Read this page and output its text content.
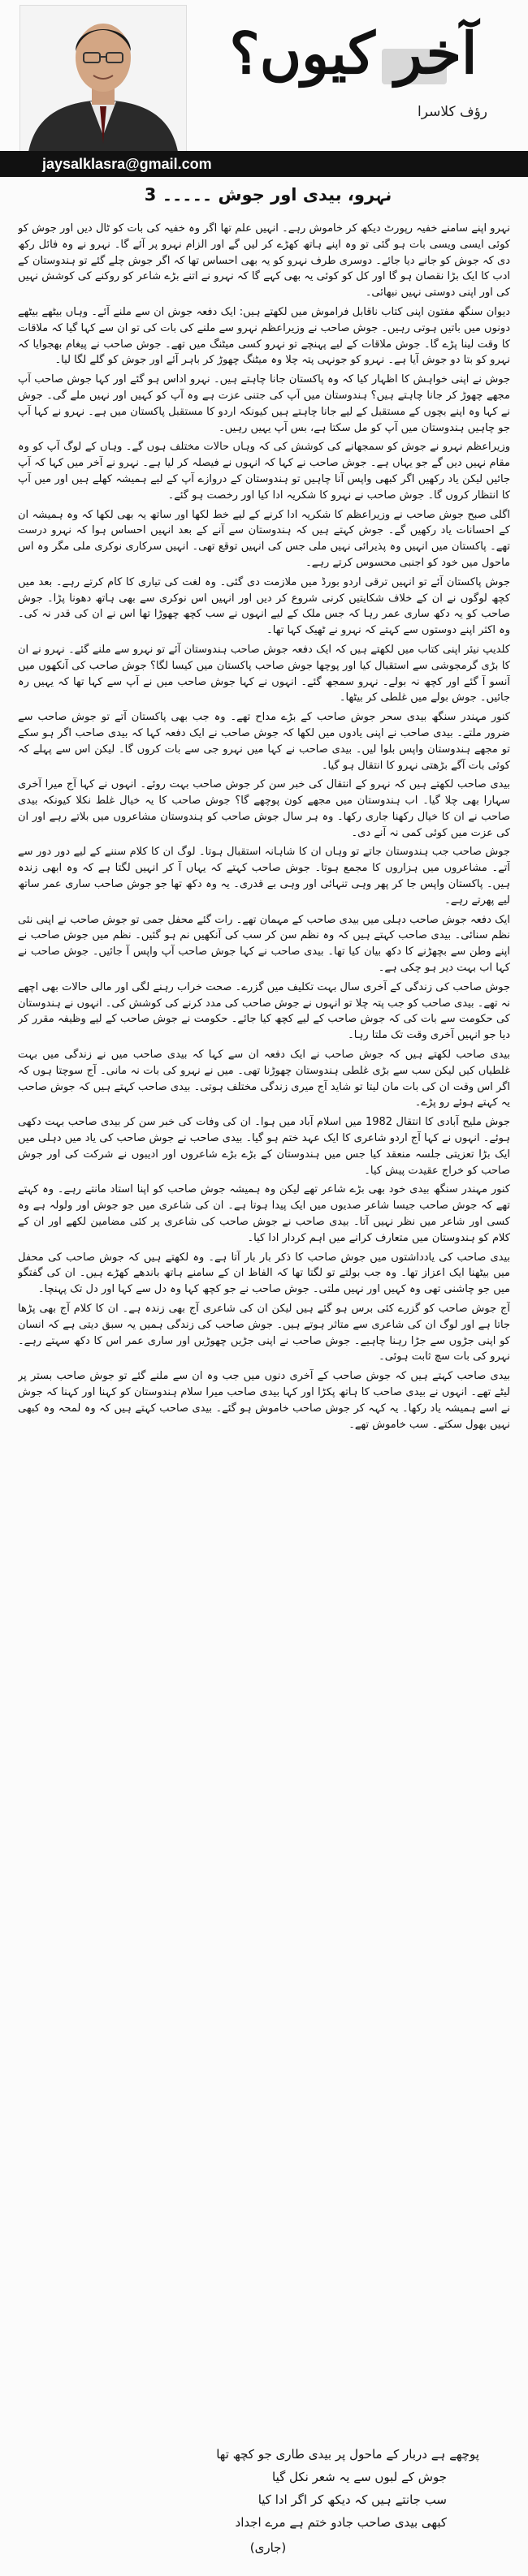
آخر کیوں؟
رؤف کلاسرا
jaysalklasra@gmail.com
نہرو، بیدی اور جوش ۔۔۔۔۔ 3

نہرو اپنے سامنے خفیہ رپورٹ دیکھ کر خاموش رہے۔ انہیں علم تھا اگر وہ خفیہ کی بات کو ٹال دیں اور جوش کو کوئی ایسی ویسی بات ہو گئی تو وہ اپنے ہاتھ کھڑے کر لیں گے اور الزام نہرو پر آئے گا۔ نہرو نے وہ فائل رکھ دی کہ جوش کو جانے دیا جائے۔ دوسری طرف نہرو کو یہ بھی احساس تھا کہ اگر جوش چلے گئے تو ہندوستان کے ادب کا ایک بڑا نقصان ہو گا اور کل کو کوئی یہ بھی کہے گا کہ نہرو نے اتنے بڑے شاعر کو روکنے کی کوشش نہیں کی اور اپنی دوستی نہیں نبھائی۔

دیوان سنگھ مفتون اپنی کتاب ناقابل فراموش میں لکھتے ہیں: ایک دفعہ جوش ان سے ملنے آئے۔ وہاں بیٹھے بیٹھے دونوں میں باتیں ہوتی رہیں۔ جوش صاحب نے وزیراعظم نہرو سے ملنے کی بات کی تو ان سے کہا گیا کہ ملاقات کا وقت لینا پڑے گا۔ جوش ملاقات کے لیے پہنچے تو نہرو کسی میٹنگ میں تھے۔ جوش صاحب نے پیغام بھجوایا کہ نہرو کو بتا دو جوش آیا ہے۔ نہرو کو جونہی پتہ چلا وہ میٹنگ چھوڑ کر باہر آئے اور جوش کو گلے لگا لیا۔

جوش نے اپنی خواہش کا اظہار کیا کہ وہ پاکستان جانا چاہتے ہیں۔ نہرو اداس ہو گئے اور کہا جوش صاحب آپ مجھے چھوڑ کر جانا چاہتے ہیں؟ ہندوستان میں آپ کی جتنی عزت ہے وہ آپ کو کہیں اور نہیں ملے گی۔ جوش نے کہا وہ اپنے بچوں کے مستقبل کے لیے جانا چاہتے ہیں کیونکہ اردو کا مستقبل پاکستان میں ہے۔ نہرو نے کہا آپ جو چاہیں ہندوستان میں آپ کو مل سکتا ہے، بس آپ یہیں رہیں۔

وزیراعظم نہرو نے جوش کو سمجھانے کی کوشش کی کہ وہاں حالات مختلف ہوں گے۔ وہاں کے لوگ آپ کو وہ مقام نہیں دیں گے جو یہاں ہے۔ جوش صاحب نے کہا کہ انہوں نے فیصلہ کر لیا ہے۔ نہرو نے آخر میں کہا کہ آپ جائیں لیکن یاد رکھیں اگر کبھی واپس آنا چاہیں تو ہندوستان کے دروازے آپ کے لیے ہمیشہ کھلے ہیں اور میں آپ کا انتظار کروں گا۔ جوش صاحب نے نہرو کا شکریہ ادا کیا اور رخصت ہو گئے۔

اگلی صبح جوش صاحب نے وزیراعظم کا شکریہ ادا کرنے کے لیے خط لکھا اور ساتھ یہ بھی لکھا کہ وہ ہمیشہ ان کے احسانات یاد رکھیں گے۔ جوش کہتے ہیں کہ ہندوستان سے آنے کے بعد انہیں احساس ہوا کہ نہرو درست تھے۔ پاکستان میں انہیں وہ پذیرائی نہیں ملی جس کی انہیں توقع تھی۔ انہیں سرکاری نوکری ملی مگر وہ اس ماحول میں خود کو اجنبی محسوس کرتے رہے۔

جوش پاکستان آئے تو انہیں ترقی اردو بورڈ میں ملازمت دی گئی۔ وہ لغت کی تیاری کا کام کرتے رہے۔ بعد میں کچھ لوگوں نے ان کے خلاف شکایتیں کرنی شروع کر دیں اور انہیں اس نوکری سے بھی ہاتھ دھونا پڑا۔ جوش صاحب کو یہ دکھ ساری عمر رہا کہ جس ملک کے لیے انہوں نے سب کچھ چھوڑا تھا اس نے ان کی قدر نہ کی۔ وہ اکثر اپنے دوستوں سے کہتے کہ نہرو نے ٹھیک کہا تھا۔

کلدیپ نیئر اپنی کتاب میں لکھتے ہیں کہ ایک دفعہ جوش صاحب ہندوستان آئے تو نہرو سے ملنے گئے۔ نہرو نے ان کا بڑی گرمجوشی سے استقبال کیا اور پوچھا جوش صاحب پاکستان میں کیسا لگا؟ جوش صاحب کی آنکھوں میں آنسو آ گئے اور کچھ نہ بولے۔ نہرو سمجھ گئے۔ انہوں نے کہا جوش صاحب میں نے آپ سے کہا تھا کہ یہیں رہ جائیں۔ جوش بولے میں غلطی کر بیٹھا۔

کنور مہندر سنگھ بیدی سحر جوش صاحب کے بڑے مداح تھے۔ وہ جب بھی پاکستان آتے تو جوش صاحب سے ضرور ملتے۔ بیدی صاحب نے اپنی یادوں میں لکھا کہ جوش صاحب نے ایک دفعہ کہا کہ بیدی صاحب اگر ہو سکے تو مجھے ہندوستان واپس بلوا لیں۔ بیدی صاحب نے کہا میں نہرو جی سے بات کروں گا۔ لیکن اس سے پہلے کہ کوئی بات آگے بڑھتی نہرو کا انتقال ہو گیا۔

بیدی صاحب لکھتے ہیں کہ نہرو کے انتقال کی خبر سن کر جوش صاحب بہت روئے۔ انہوں نے کہا آج میرا آخری سہارا بھی چلا گیا۔ اب ہندوستان میں مجھے کون پوچھے گا؟ جوش صاحب کا یہ خیال غلط نکلا کیونکہ بیدی صاحب نے ان کا خیال رکھنا جاری رکھا۔ وہ ہر سال جوش صاحب کو ہندوستان مشاعروں میں بلاتے رہے اور ان کی عزت میں کوئی کمی نہ آنے دی۔

جوش صاحب جب ہندوستان جاتے تو وہاں ان کا شاہانہ استقبال ہوتا۔ لوگ ان کا کلام سننے کے لیے دور دور سے آتے۔ مشاعروں میں ہزاروں کا مجمع ہوتا۔ جوش صاحب کہتے کہ یہاں آ کر انہیں لگتا ہے کہ وہ ابھی زندہ ہیں۔ پاکستان واپس جا کر پھر وہی تنہائی اور وہی بے قدری۔ یہ وہ دکھ تھا جو جوش صاحب ساری عمر ساتھ لیے پھرتے رہے۔

ایک دفعہ جوش صاحب دہلی میں بیدی صاحب کے مہمان تھے۔ رات گئے محفل جمی تو جوش صاحب نے اپنی نئی نظم سنائی۔ بیدی صاحب کہتے ہیں کہ وہ نظم سن کر سب کی آنکھیں نم ہو گئیں۔ نظم میں جوش صاحب نے اپنے وطن سے بچھڑنے کا دکھ بیان کیا تھا۔ بیدی صاحب نے کہا جوش صاحب آپ واپس آ جائیں۔ جوش صاحب نے کہا اب بہت دیر ہو چکی ہے۔

جوش صاحب کی زندگی کے آخری سال بہت تکلیف میں گزرے۔ صحت خراب رہنے لگی اور مالی حالات بھی اچھے نہ تھے۔ بیدی صاحب کو جب پتہ چلا تو انہوں نے جوش صاحب کی مدد کرنے کی کوشش کی۔ انہوں نے ہندوستان کی حکومت سے بات کی کہ جوش صاحب کے لیے کچھ کیا جائے۔ حکومت نے جوش صاحب کے لیے وظیفہ مقرر کر دیا جو انہیں آخری وقت تک ملتا رہا۔

بیدی صاحب لکھتے ہیں کہ جوش صاحب نے ایک دفعہ ان سے کہا کہ بیدی صاحب میں نے زندگی میں بہت غلطیاں کیں لیکن سب سے بڑی غلطی ہندوستان چھوڑنا تھی۔ میں نے نہرو کی بات نہ مانی۔ آج سوچتا ہوں کہ اگر اس وقت ان کی بات مان لیتا تو شاید آج میری زندگی مختلف ہوتی۔ بیدی صاحب کہتے ہیں کہ جوش صاحب یہ کہتے ہوئے رو پڑے۔

جوش ملیح آبادی کا انتقال 1982 میں اسلام آباد میں ہوا۔ ان کی وفات کی خبر سن کر بیدی صاحب بہت دکھی ہوئے۔ انہوں نے کہا آج اردو شاعری کا ایک عہد ختم ہو گیا۔ بیدی صاحب نے جوش صاحب کی یاد میں دہلی میں ایک بڑا تعزیتی جلسہ منعقد کیا جس میں ہندوستان کے بڑے بڑے شاعروں اور ادیبوں نے شرکت کی اور جوش صاحب کو خراج عقیدت پیش کیا۔

کنور مہندر سنگھ بیدی خود بھی بڑے شاعر تھے لیکن وہ ہمیشہ جوش صاحب کو اپنا استاد مانتے رہے۔ وہ کہتے تھے کہ جوش صاحب جیسا شاعر صدیوں میں ایک پیدا ہوتا ہے۔ ان کی شاعری میں جو جوش اور ولولہ ہے وہ کسی اور شاعر میں نظر نہیں آتا۔ بیدی صاحب نے جوش صاحب کی شاعری پر کئی مضامین لکھے اور ان کے کلام کو ہندوستان میں متعارف کرانے میں اہم کردار ادا کیا۔

بیدی صاحب کی یادداشتوں میں جوش صاحب کا ذکر بار بار آتا ہے۔ وہ لکھتے ہیں کہ جوش صاحب کی محفل میں بیٹھنا ایک اعزاز تھا۔ وہ جب بولتے تو لگتا تھا کہ الفاظ ان کے سامنے ہاتھ باندھے کھڑے ہیں۔ ان کی گفتگو میں جو چاشنی تھی وہ کہیں اور نہیں ملتی۔ جوش صاحب نے جو کچھ کہا وہ دل سے کہا اور دل تک پہنچا۔

آج جوش صاحب کو گزرے کئی برس ہو گئے ہیں لیکن ان کی شاعری آج بھی زندہ ہے۔ ان کا کلام آج بھی پڑھا جاتا ہے اور لوگ ان کی شاعری سے متاثر ہوتے ہیں۔ جوش صاحب کی زندگی ہمیں یہ سبق دیتی ہے کہ انسان کو اپنی جڑوں سے جڑا رہنا چاہیے۔ جوش صاحب نے اپنی جڑیں چھوڑیں اور ساری عمر اس کا دکھ سہتے رہے۔ نہرو کی بات سچ ثابت ہوئی۔

بیدی صاحب کہتے ہیں کہ جوش صاحب کے آخری دنوں میں جب وہ ان سے ملنے گئے تو جوش صاحب بستر پر لیٹے تھے۔ انہوں نے بیدی صاحب کا ہاتھ پکڑا اور کہا بیدی صاحب میرا سلام ہندوستان کو کہنا اور کہنا کہ جوش نے اسے ہمیشہ یاد رکھا۔ یہ کہہ کر جوش صاحب خاموش ہو گئے۔ بیدی صاحب کہتے ہیں کہ وہ لمحہ وہ کبھی نہیں بھول سکتے۔ سب خاموش تھے۔

پوچھے ہے دربار کے ماحول پر بیدی طاری جو کچھ تھا
جوش کے لبوں سے یہ شعر نکل گیا
سب جانتے ہیں کہ دیکھ کر اگر ادا کیا
کبھی بیدی صاحب جادو ختم ہے مرے اجداد
(جاری)
